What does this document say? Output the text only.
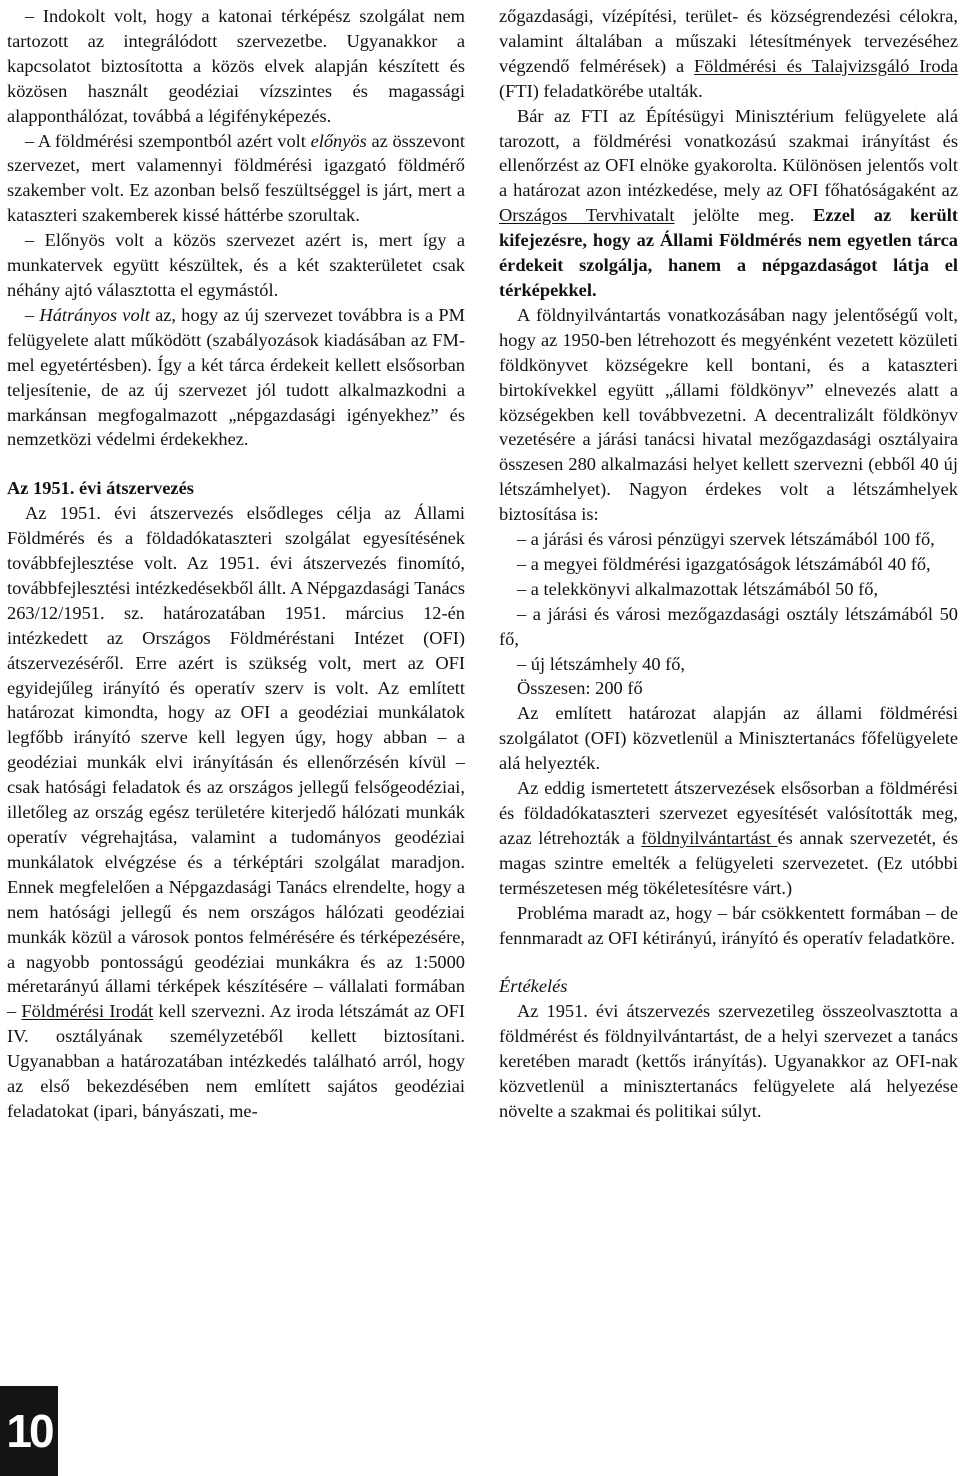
– Indokolt volt, hogy a katonai térképész szolgálat nem tartozott az integrálódott szervezetbe. Ugyanakkor a kapcsolatot biztosította a közös elvek alapján készített és közösen használt geodéziai vízszintes és magassági alapponthálózat, továbbá a légifényképezés.

– A földmérési szempontból azért volt előnyös az összevont szervezet, mert valamennyi földmérési igazgató földmérő szakember volt. Ez azonban belső feszültséggel is járt, mert a kataszteri szakemberek kissé háttérbe szorultak.

– Előnyös volt a közös szervezet azért is, mert így a munkatervek együtt készültek, és a két szakterületet csak néhány ajtó választotta el egymástól.

– Hátrányos volt az, hogy az új szervezet továbbra is a PM felügyelete alatt működött (szabályozások kiadásában az FM-mel egyetértésben). Így a két tárca érdekeit kellett elsősorban teljesítenie, de az új szervezet jól tudott alkalmazkodni a markánsan megfogalmazott „népgazdasági igényekhez” és nemzetközi védelmi érdekekhez.

Az 1951. évi átszervezés

Az 1951. évi átszervezés elsődleges célja az Állami Földmérés és a földadókataszteri szolgálat egyesítésének továbbfejlesztése volt. Az 1951. évi átszervezés finomító, továbbfejlesztési intézkedésekből állt. A Népgazdasági Tanács 263/12/1951. sz. határozatában 1951. március 12-én intézkedett az Országos Földméréstani Intézet (OFI) átszervezéséről. Erre azért is szükség volt, mert az OFI egyidejűleg irányító és operatív szerv is volt. Az említett határozat kimondta, hogy az OFI a geodéziai munkálatok legfőbb irányító szerve kell legyen úgy, hogy abban – a geodéziai munkák elvi irányításán és ellenőrzésén kívül – csak hatósági feladatok és az országos jellegű felsőgeodéziai, illetőleg az ország egész területére kiterjedő hálózati munkák operatív végrehajtása, valamint a tudományos geodéziai munkálatok elvégzése és a térképtári szolgálat maradjon. Ennek megfelelően a Népgazdasági Tanács elrendelte, hogy a nem hatósági jellegű és nem országos hálózati geodéziai munkák közül a városok pontos felmérésére és térképezésére, a nagyobb pontosságú geodéziai munkákra és az 1:5000 méretarányú állami térképek készítésére – vállalati formában – Földmérési Irodát kell szervezni. Az iroda létszámát az OFI IV. osztályának személyzetéből kellett biztosítani. Ugyanabban a határozatában intézkedés található arról, hogy az első bekezdésében nem említett sajátos geodéziai feladatokat (ipari, bányászati, me-

zőgazdasági, vízépítési, terület- és községrendezési célokra, valamint általában a műszaki létesítmények tervezéséhez végzendő felmérések) a Földmérési és Talajvizsgáló Iroda (FTI) feladatkörébe utalták.

Bár az FTI az Építésügyi Minisztérium felügyelete alá tarozott, a földmérési vonatkozású szakmai irányítást és ellenőrzést az OFI elnöke gyakorolta. Különösen jelentős volt a határozat azon intézkedése, mely az OFI főhatóságaként az Országos Tervhivatalt jelölte meg. Ezzel az került kifejezésre, hogy az Állami Földmérés nem egyetlen tárca érdekeit szolgálja, hanem a népgazdaságot látja el térképekkel.

A földnyilvántartás vonatkozásában nagy jelentőségű volt, hogy az 1950-ben létrehozott és megyénként vezetett közületi földkönyvet községekre kell bontani, és a kataszteri birtokívekkel együtt „állami földkönyv” elnevezés alatt a községekben kell továbbvezetni. A decentralizált földkönyv vezetésére a járási tanácsi hivatal mezőgazdasági osztályaira összesen 280 alkalmazási helyet kellett szervezni (ebből 40 új létszámhelyet). Nagyon érdekes volt a létszámhelyek biztosítása is:

– a járási és városi pénzügyi szervek létszámából 100 fő,

– a megyei földmérési igazgatóságok létszámából 40 fő,

– a telekkönyvi alkalmazottak létszámából 50 fő,

– a járási és városi mezőgazdasági osztály létszámából 50 fő,

– új létszámhely 40 fő,

Összesen: 200 fő

Az említett határozat alapján az állami földmérési szolgálatot (OFI) közvetlenül a Minisztertanács főfelügyelete alá helyezték.

Az eddig ismertetett átszervezések elsősorban a földmérési és földadókataszteri szervezet egyesítését valósították meg, azaz létrehozták a földnyilvántartást és annak szervezetét, és magas szintre emelték a felügyeleti szervezetet. (Ez utóbbi természetesen még tökéletesítésre várt.)

Probléma maradt az, hogy – bár csökkentett formában – de fennmaradt az OFI kétirányú, irányító és operatív feladatköre.

Értékelés

Az 1951. évi átszervezés szervezetileg összeolvasztotta a földmérést és földnyilvántartást, de a helyi szervezet a tanács keretében maradt (kettős irányítás). Ugyanakkor az OFI-nak közvetlenül a minisztertanács felügyelete alá helyezése növelte a szakmai és politikai súlyt.

10
